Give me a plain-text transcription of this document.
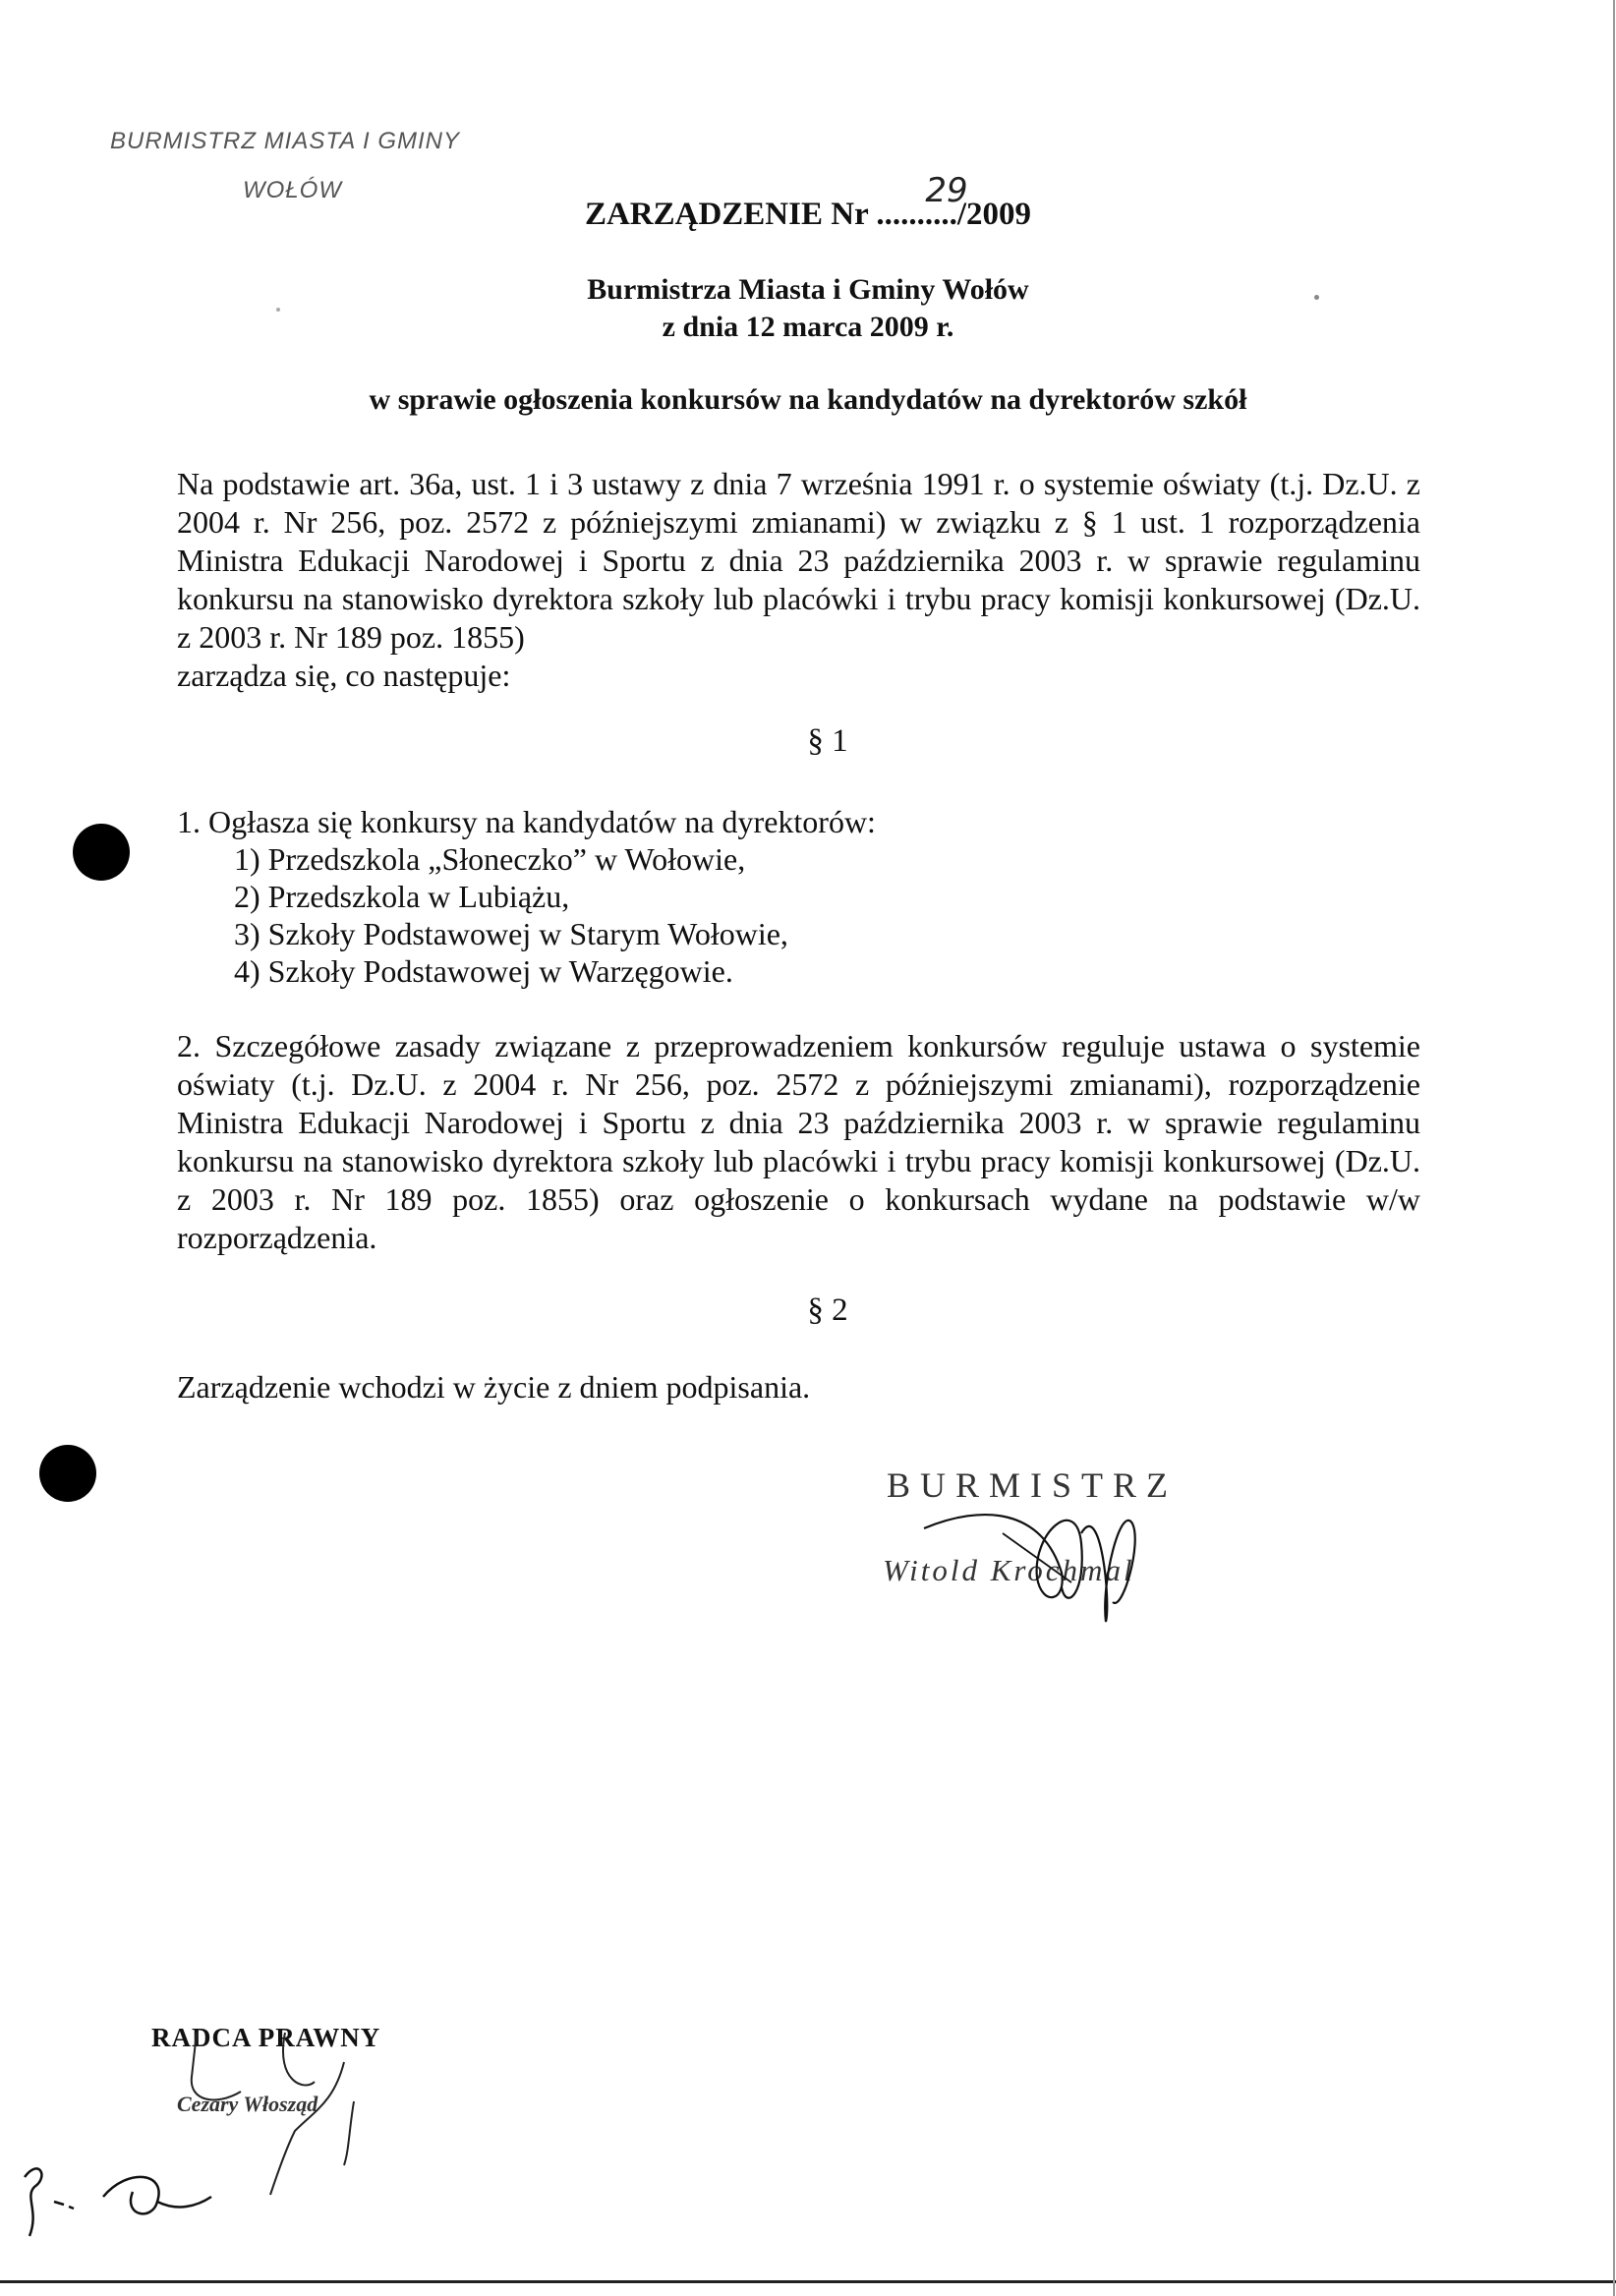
BURMISTRZ MIASTA I GMINY
WOŁÓW
ZARZĄDZENIE Nr ..........
29
/2009
Burmistrza Miasta i Gminy Wołów
z dnia 12 marca 2009 r.
w sprawie ogłoszenia konkursów na kandydatów na dyrektorów szkół
Na podstawie art. 36a, ust. 1 i 3 ustawy z dnia 7 września 1991 r. o systemie oświaty (t.j. Dz.U. z 2004 r. Nr 256, poz. 2572 z późniejszymi zmianami) w związku z § 1 ust. 1 rozporządzenia Ministra Edukacji Narodowej i Sportu z dnia 23 października 2003 r. w sprawie regulaminu konkursu na stanowisko dyrektora szkoły lub placówki i trybu pracy komisji konkursowej (Dz.U. z 2003 r. Nr 189 poz. 1855)
zarządza się, co następuje:
§ 1
1. Ogłasza się konkursy na kandydatów na dyrektorów:
1) Przedszkola „Słoneczko” w Wołowie,
2) Przedszkola w Lubiążu,
3) Szkoły Podstawowej w Starym Wołowie,
4) Szkoły Podstawowej w Warzęgowie.
2. Szczegółowe zasady związane z przeprowadzeniem konkursów reguluje ustawa o systemie oświaty (t.j. Dz.U. z 2004 r. Nr 256, poz. 2572 z późniejszymi zmianami), rozporządzenie Ministra Edukacji Narodowej i Sportu z dnia 23 października 2003 r. w sprawie regulaminu konkursu na stanowisko dyrektora szkoły lub placówki i trybu pracy komisji konkursowej (Dz.U. z 2003 r. Nr 189 poz. 1855) oraz ogłoszenie o konkursach wydane na podstawie w/w rozporządzenia.
§ 2
Zarządzenie wchodzi w życie z dniem podpisania.
BURMISTRZ
Witold Krochmal
RADCA PRAWNY
Cezary Włosząd
